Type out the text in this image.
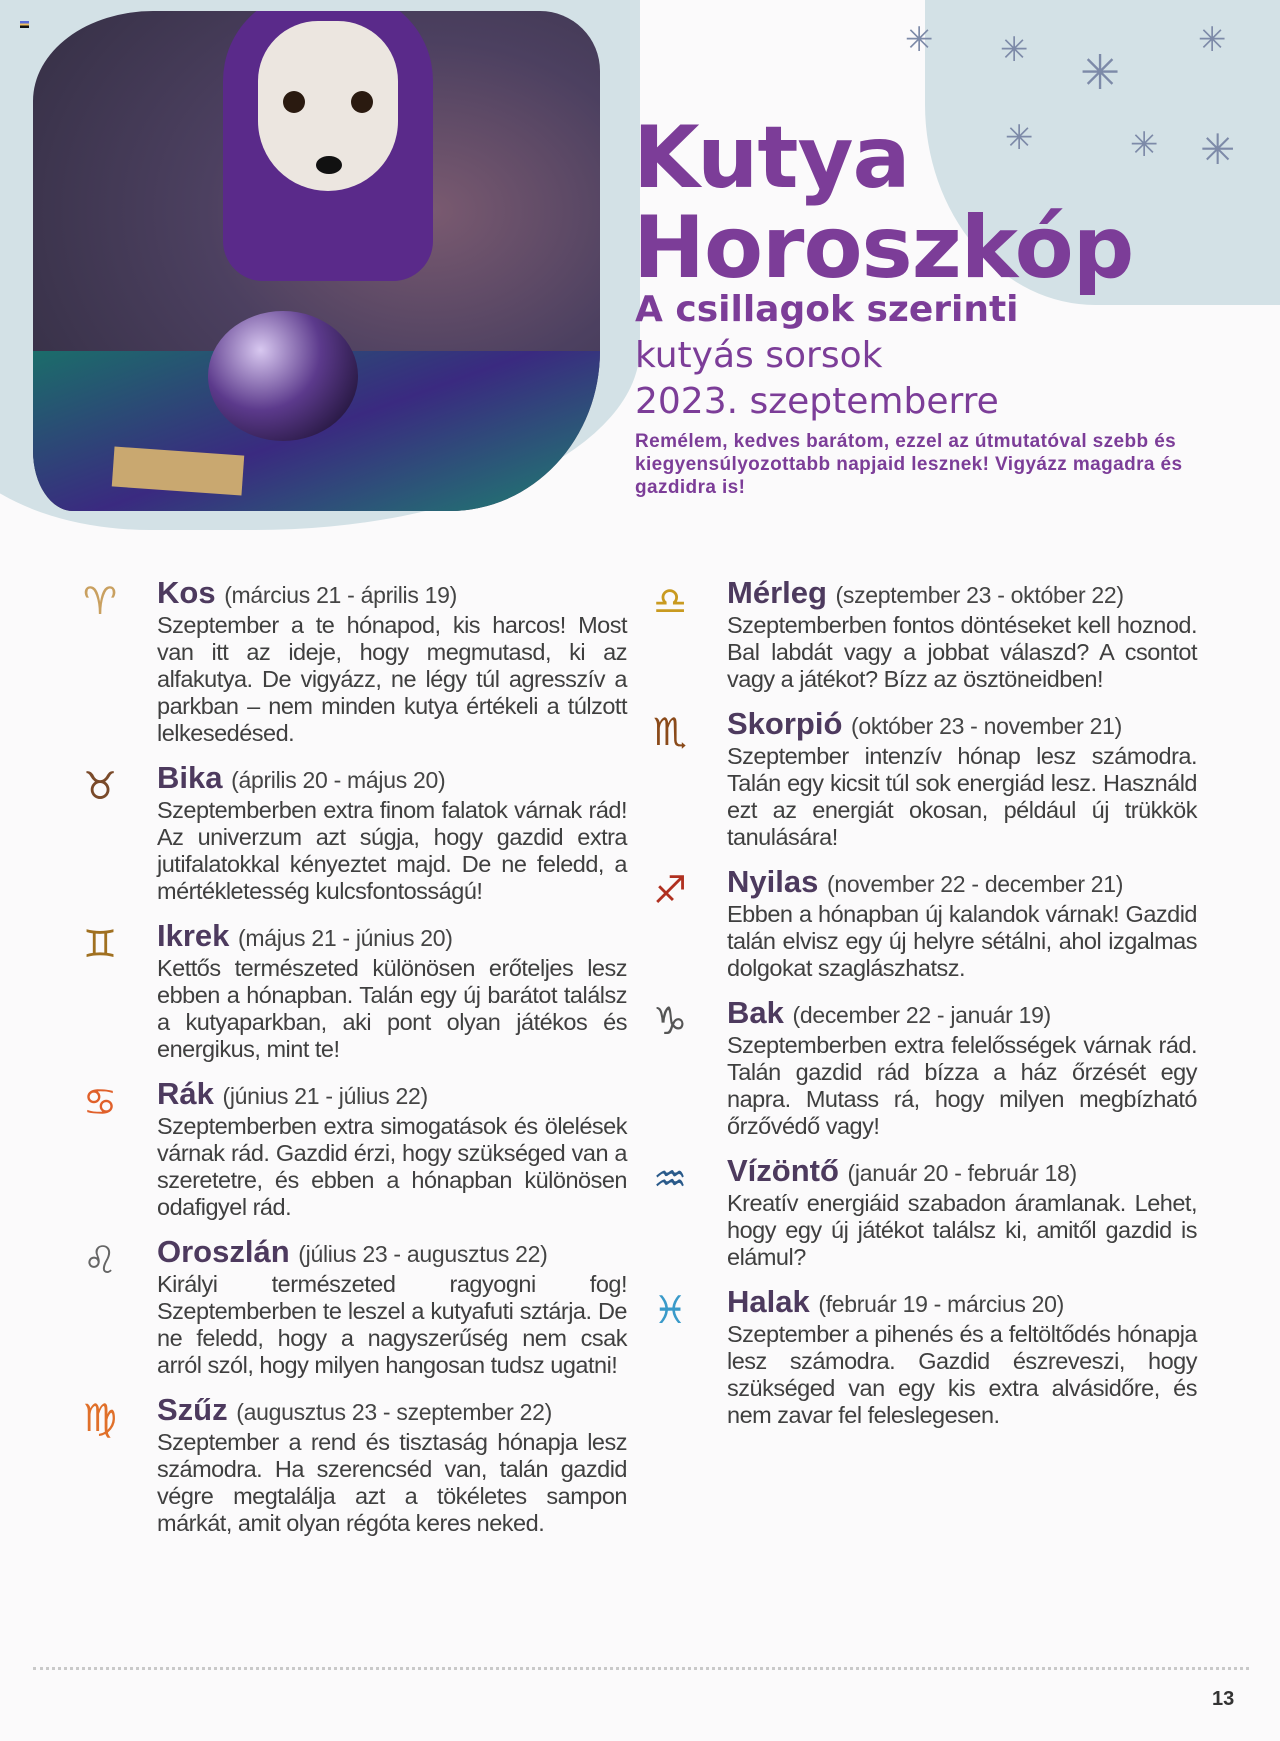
✳ ✳ ✳
✳
✳	✳ ✳
Kutya
Horoszkóp
A csillagok szerinti
kutyás sorsok
2023. szeptemberre
Remélem, kedves barátom, ezzel az útmutatóval szebb és kiegyensúlyozottabb napjaid lesznek! Vigyázz magadra és gazdidra is!
♈ Kos (március 21 - április 19)

Szeptember a te hónapod, kis harcos! Most van itt az ideje, hogy megmutasd, ki az alfakutya. De vigyázz, ne légy túl agresszív a parkban – nem minden kutya értékeli a túlzott lelkesedésed.

♉ Bika (április 20 - május 20)

Szeptemberben extra finom falatok várnak rád! Az univerzum azt súgja, hogy gazdid extra jutifalatokkal kényeztet majd. De ne feledd, a mértékletesség kulcsfontosságú!

♊ Ikrek (május 21 - június 20)

Kettős természeted különösen erőteljes lesz ebben a hónapban. Talán egy új barátot találsz a kutyaparkban, aki pont olyan játékos és energikus, mint te!

♋ Rák (június 21 - július 22)

Szeptemberben extra simogatások és ölelések várnak rád. Gazdid érzi, hogy szükséged van a szeretetre, és ebben a hónapban különösen odafigyel rád.

♌ Oroszlán (július 23 - augusztus 22)

Királyi természeted ragyogni fog! Szeptemberben te leszel a kutyafuti sztárja. De ne feledd, hogy a nagyszerűség nem csak arról szól, hogy milyen hangosan tudsz ugatni!

♍ Szűz (augusztus 23 - szeptember 22)

Szeptember a rend és tisztaság hónapja lesz számodra. Ha szerencséd van, talán gazdid végre megtalálja azt a tökéletes sampon márkát, amit olyan régóta keres neked.

♎ Mérleg (szeptember 23 - október 22)

Szeptemberben fontos döntéseket kell hoznod. Bal labdát vagy a jobbat válaszd? A csontot vagy a játékot? Bízz az ösztöneidben!

♏ Skorpió (október 23 - november 21)

Szeptember intenzív hónap lesz számodra. Talán egy kicsit túl sok energiád lesz. Használd ezt az energiát okosan, például új trükkök tanulására!

♐ Nyilas (november 22 - december 21)

Ebben a hónapban új kalandok várnak! Gazdid talán elvisz egy új helyre sétálni, ahol izgalmas dolgokat szaglászhatsz.

♑ Bak (december 22 - január 19)

Szeptemberben extra felelősségek várnak rád. Talán gazdid rád bízza a ház őrzését egy napra. Mutass rá, hogy milyen megbízható őrzővédő vagy!

♒ Vízöntő (január 20 - február 18)

Kreatív energiáid szabadon áramlanak. Lehet, hogy egy új játékot találsz ki, amitől gazdid is elámul?

♓ Halak (február 19 - március 20)

Szeptember a pihenés és a feltöltődés hónapja lesz számodra. Gazdid észreveszi, hogy szükséged van egy kis extra alvásidőre, és nem zavar fel feleslegesen.

13
